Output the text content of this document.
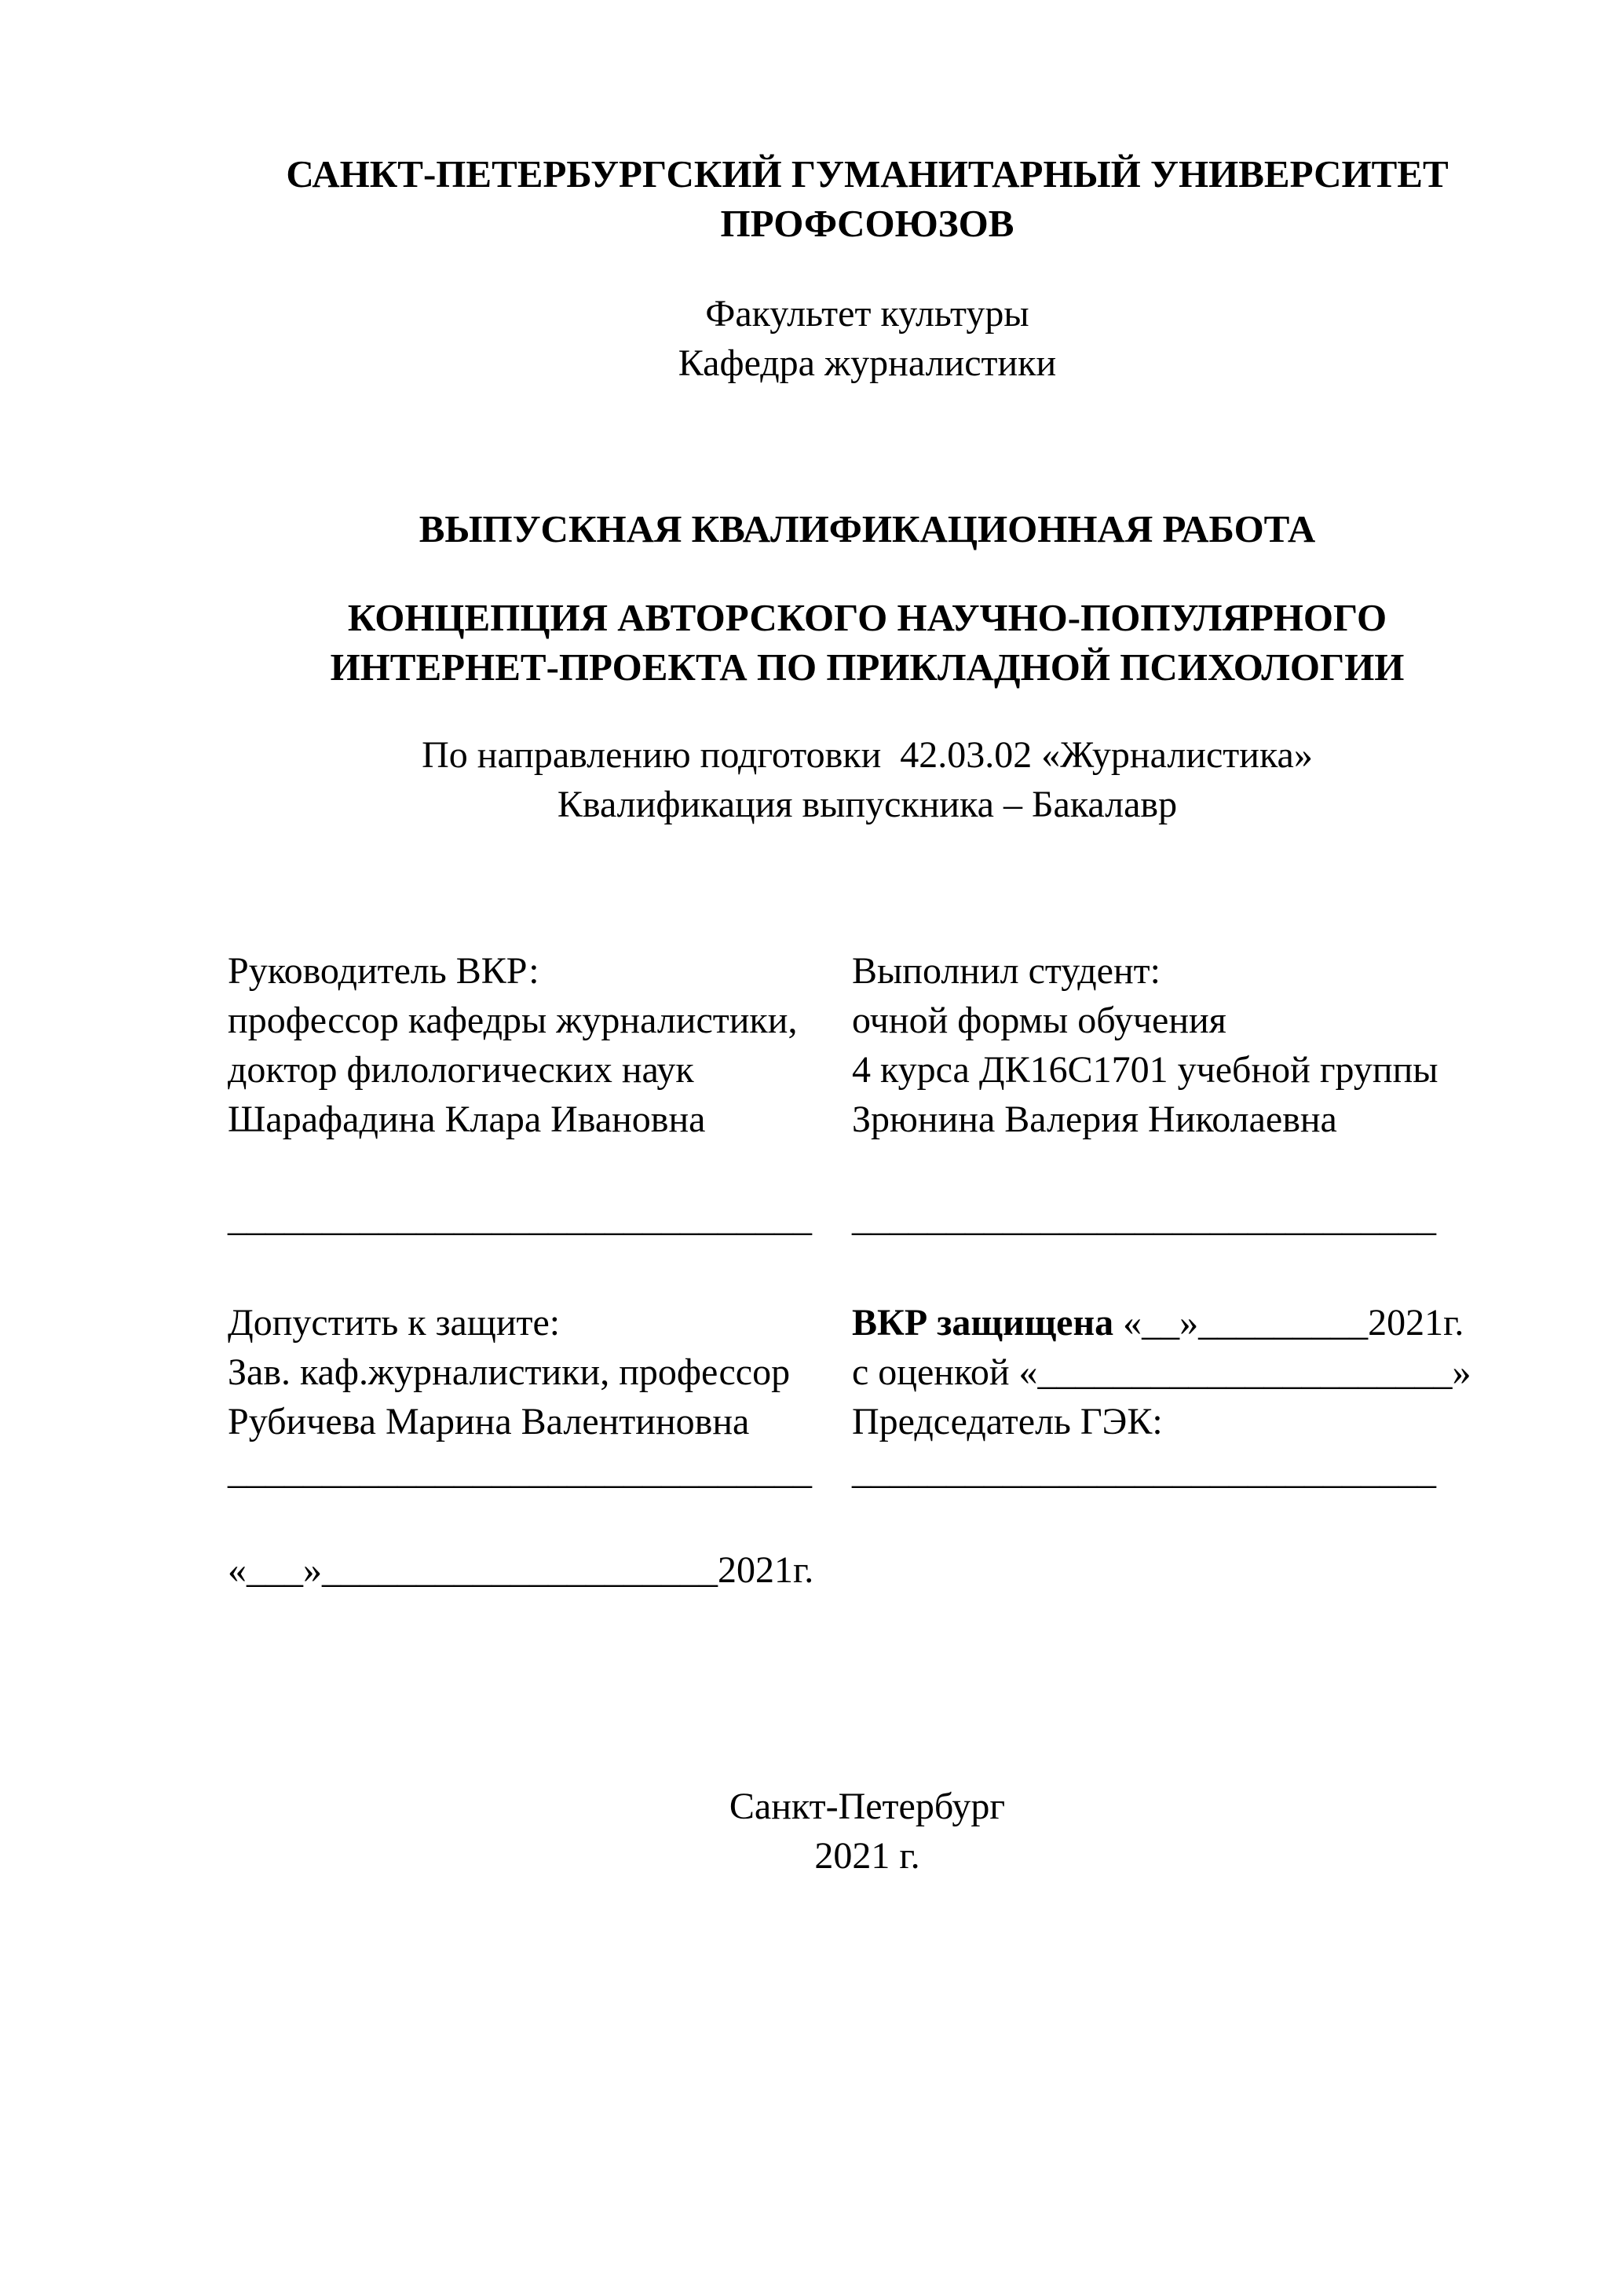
САНКТ-ПЕТЕРБУРГСКИЙ ГУМАНИТАРНЫЙ УНИВЕРСИТЕТ
ПРОФСОЮЗОВ
Факультет культуры
Кафедра журналистики
ВЫПУСКНАЯ КВАЛИФИКАЦИОННАЯ РАБОТА
КОНЦЕПЦИЯ АВТОРСКОГО НАУЧНО-ПОПУЛЯРНОГО
ИНТЕРНЕТ-ПРОЕКТА ПО ПРИКЛАДНОЙ ПСИХОЛОГИИ
По направлению подготовки  42.03.02 «Журналистика»
Квалификация выпускника – Бакалавр
Руководитель ВКР:
профессор кафедры журналистики,
доктор филологических наук
Шарафадина Клара Ивановна
Выполнил студент:
очной формы обучения
4 курса ДК16С1701 учебной группы
Зрюнина Валерия Николаевна
_______________________________	_______________________________
Допустить к защите:
Зав. каф.журналистики, профессор
Рубичева Марина Валентиновна
ВКР защищена «__»_________2021г.
с оценкой «______________________»
Председатель ГЭК:
_______________________________	_______________________________
«___»_____________________2021г.
Санкт-Петербург
2021 г.
